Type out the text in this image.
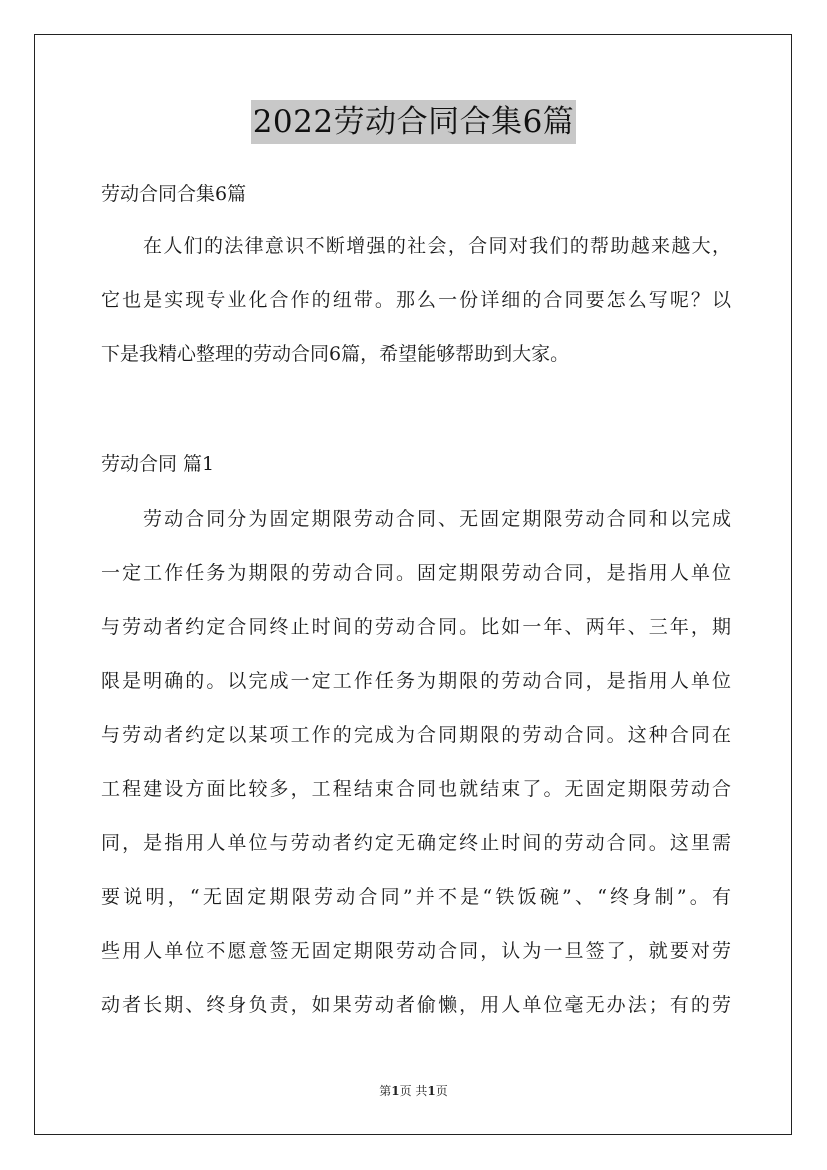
2022劳动合同合集6篇
劳动合同合集6篇
在人们的法律意识不断增强的社会，合同对我们的帮助越来越大，
它也是实现专业化合作的纽带。那么一份详细的合同要怎么写呢？以
下是我精心整理的劳动合同6篇，希望能够帮助到大家。
劳动合同 篇1
劳动合同分为固定期限劳动合同、无固定期限劳动合同和以完成
一定工作任务为期限的劳动合同。固定期限劳动合同，是指用人单位
与劳动者约定合同终止时间的劳动合同。比如一年、两年、三年，期
限是明确的。以完成一定工作任务为期限的劳动合同，是指用人单位
与劳动者约定以某项工作的完成为合同期限的劳动合同。这种合同在
工程建设方面比较多，工程结束合同也就结束了。无固定期限劳动合
同，是指用人单位与劳动者约定无确定终止时间的劳动合同。这里需
要说明，“无固定期限劳动合同”并不是“铁饭碗”、“终身制”。有
些用人单位不愿意签无固定期限劳动合同，认为一旦签了，就要对劳
动者长期、终身负责，如果劳动者偷懒，用人单位毫无办法；有的劳
第1页 共1页
